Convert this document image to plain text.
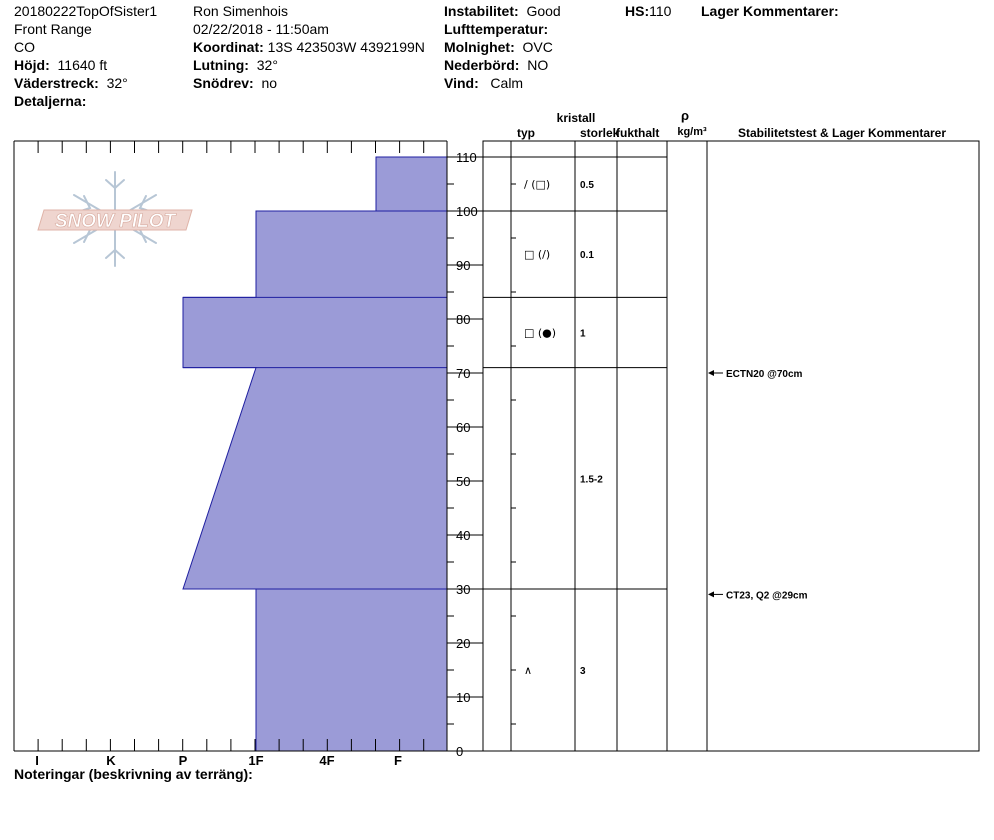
20180222TopOfSister1
Front Range
CO
Höjd: 11640 ft
Väderstreck: 32°
Detaljerna:
Ron Simenhois
02/22/2018 - 11:50am
Koordinat: 13S 423503W 4392199N
Lutning: 32°
Snödrev: no
Instabilitet: Good
Lufttemperatur:
Molnighet: OVC
Nederbörd: NO
Vind: Calm
HS:110 Lager Kommentarer:
SNOW PILOT
kristall
typ	storlek
fukthalt
ρ
kg/m³	Stabilitetstest & Lager Kommentarer
0
10
20
30
40
50
60
70
80
90
100
110
I	K	P	1F	4F	F
/ (□)	0.5
□ (/)	0.1
□ (●) 1
1.5-2
∧	3
ECTN20 @70cm
CT23, Q2 @29cm
Noteringar (beskrivning av terräng):
